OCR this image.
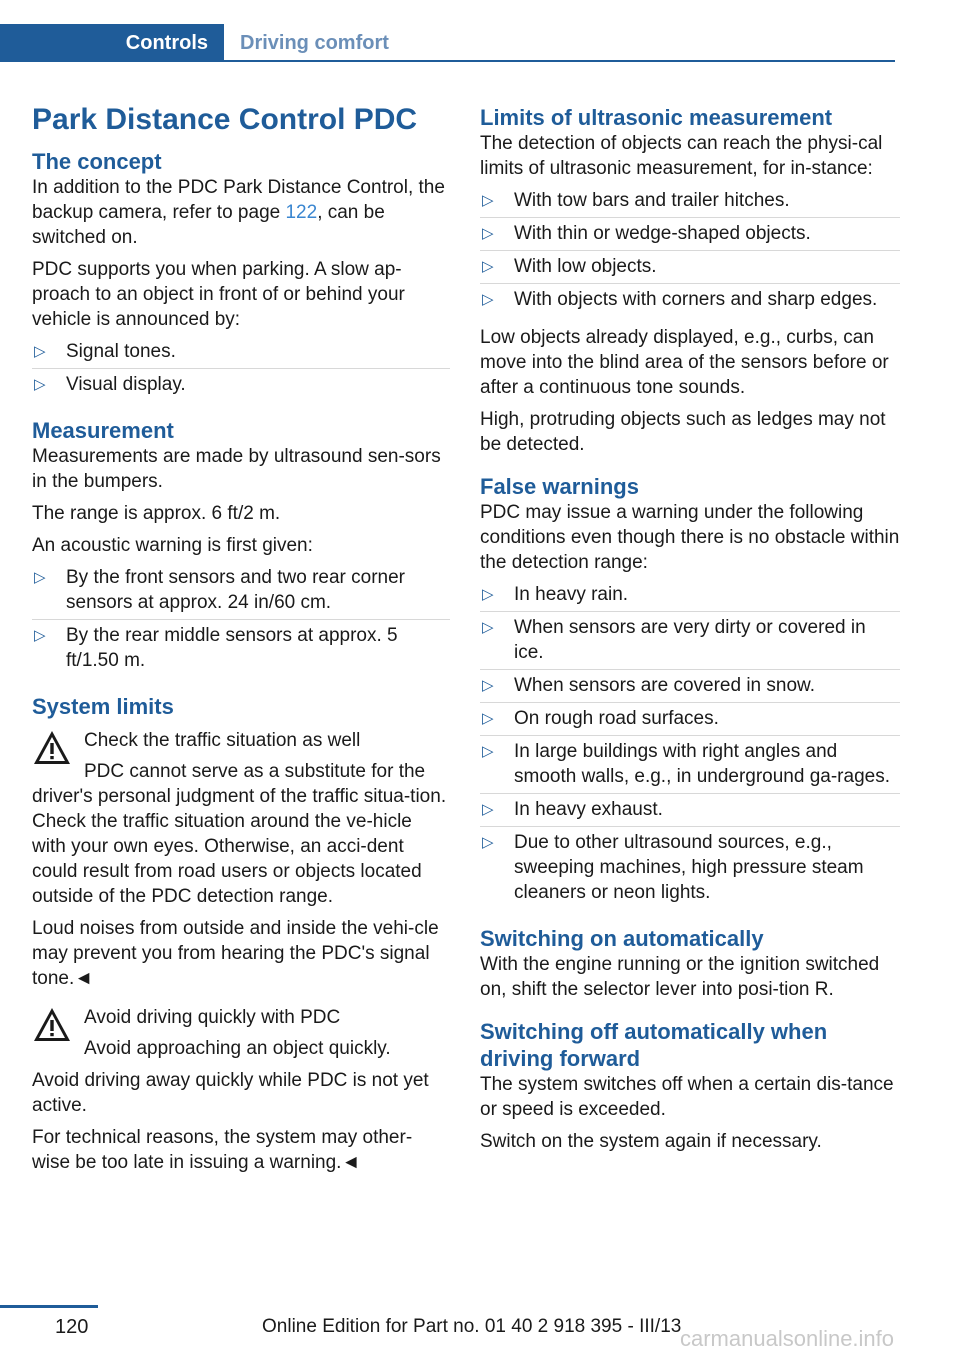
Controls	Driving comfort
Park Distance Control PDC
The concept

In addition to the PDC Park Distance Control, the backup camera, refer to page 122, can be switched on.

PDC supports you when parking. A slow ap-proach to an object in front of or behind your vehicle is announced by:

▷ Signal tones.
▷ Visual display.
Measurement

Measurements are made by ultrasound sen-sors in the bumpers.

The range is approx. 6 ft/2 m.

An acoustic warning is first given:

▷ By the front sensors and two rear corner sensors at approx. 24 in/60 cm.
▷ By the rear middle sensors at approx. 5 ft/1.50 m.
System limits

Check the traffic situation as well

PDC cannot serve as a substitute for the driver's personal judgment of the traffic situa-tion. Check the traffic situation around the ve-hicle with your own eyes. Otherwise, an acci-dent could result from road users or objects located outside of the PDC detection range.

Loud noises from outside and inside the vehi-cle may prevent you from hearing the PDC's signal tone.◄

Avoid driving quickly with PDC

Avoid approaching an object quickly.

Avoid driving away quickly while PDC is not yet active.

For technical reasons, the system may other-wise be too late in issuing a warning.◄

Limits of ultrasonic measurement

The detection of objects can reach the physi-cal limits of ultrasonic measurement, for in-stance:

▷ With tow bars and trailer hitches.
▷ With thin or wedge-shaped objects.
▷ With low objects.
▷ With objects with corners and sharp edges.

Low objects already displayed, e.g., curbs, can move into the blind area of the sensors before or after a continuous tone sounds.

High, protruding objects such as ledges may not be detected.

False warnings

PDC may issue a warning under the following conditions even though there is no obstacle within the detection range:

▷ In heavy rain.
▷ When sensors are very dirty or covered in ice.
▷ When sensors are covered in snow.
▷ On rough road surfaces.
▷ In large buildings with right angles and smooth walls, e.g., in underground ga-rages.
▷ In heavy exhaust.
▷ Due to other ultrasound sources, e.g., sweeping machines, high pressure steam cleaners or neon lights.
Switching on automatically

With the engine running or the ignition switched on, shift the selector lever into posi-tion R.

Switching off automatically when driving forward

The system switches off when a certain dis-tance or speed is exceeded.

Switch on the system again if necessary.

120	Online Edition for Part no. 01 40 2 918 395 - III/13
carmanualsonline.info
